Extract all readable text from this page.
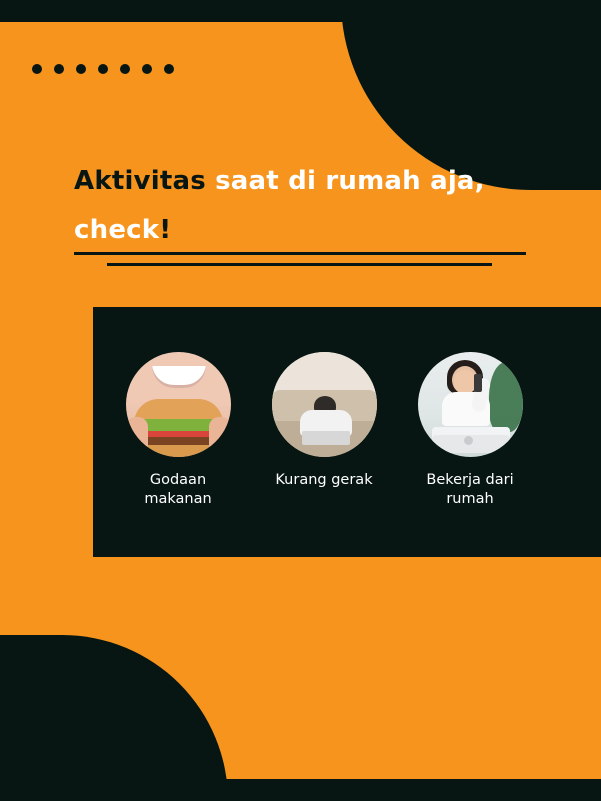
Aktivitas saat di rumah aja,
check!
Godaan makanan
Kurang gerak	Bekerja dari rumah
